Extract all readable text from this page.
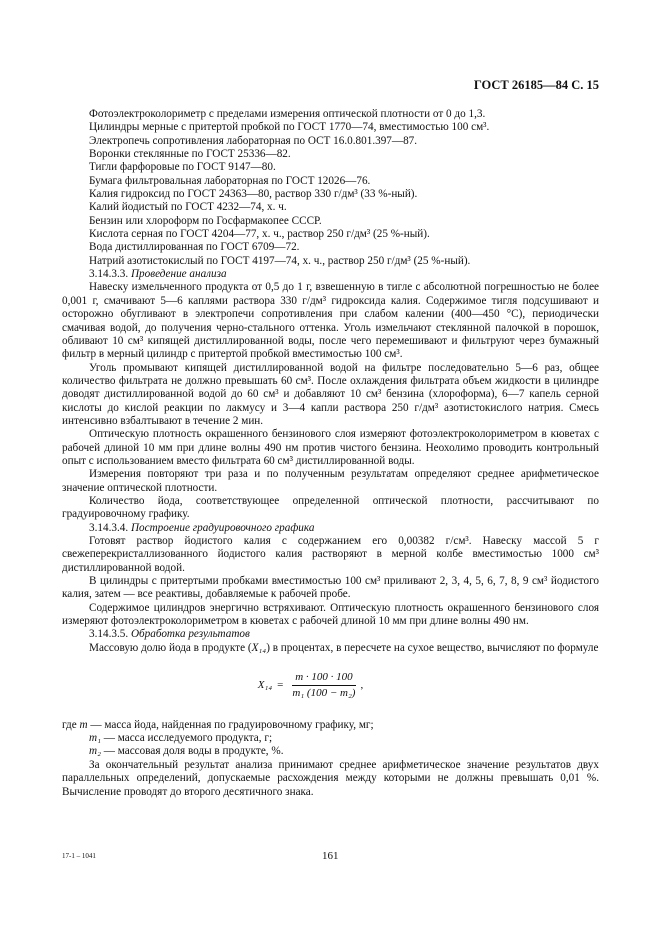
ГОСТ 26185—84 С. 15

Фотоэлектроколориметр с пределами измерения оптической плотности от 0 до 1,3.

Цилиндры мерные с притертой пробкой по ГОСТ 1770—74, вместимостью 100 см³.

Электропечь сопротивления лабораторная по ОСТ 16.0.801.397—87.

Воронки стеклянные по ГОСТ 25336—82.

Тигли фарфоровые по ГОСТ 9147—80.

Бумага фильтровальная лабораторная по ГОСТ 12026—76.

Калия гидроксид по ГОСТ 24363—80, раствор 330 г/дм³ (33 %-ный).

Калий йодистый по ГОСТ 4232—74, х. ч.

Бензин или хлороформ по Госфармакопее СССР.

Кислота серная по ГОСТ 4204—77, х. ч., раствор 250 г/дм³ (25 %-ный).

Вода дистиллированная по ГОСТ 6709—72.

Натрий азотистокислый по ГОСТ 4197—74, х. ч., раствор 250 г/дм³ (25 %-ный).

3.14.3.3. Проведение анализа

Навеску измельченного продукта от 0,5 до 1 г, взвешенную в тигле с абсолютной погрешностью не более 0,001 г, смачивают 5—6 каплями раствора 330 г/дм³ гидроксида калия. Содержимое тигля подсушивают и осторожно обугливают в электропечи сопротивления при слабом калении (400—450 °С), периодически смачивая водой, до получения черно-стального оттенка. Уголь измельчают стеклянной палочкой в порошок, обливают 10 см³ кипящей дистиллированной воды, после чего перемешивают и фильтруют через бумажный фильтр в мерный цилиндр с притертой пробкой вместимостью 100 см³.

Уголь промывают кипящей дистиллированной водой на фильтре последовательно 5—6 раз, общее количество фильтрата не должно превышать 60 см³. После охлаждения фильтрата объем жидкости в цилиндре доводят дистиллированной водой до 60 см³ и добавляют 10 см³ бензина (хлороформа), 6—7 капель серной кислоты до кислой реакции по лакмусу и 3—4 капли раствора 250 г/дм³ азотистокислого натрия. Смесь интенсивно взбалтывают в течение 2 мин.

Оптическую плотность окрашенного бензинового слоя измеряют фотоэлектроколориметром в кюветах с рабочей длиной 10 мм при длине волны 490 нм против чистого бензина. Неохолимо проводить контрольный опыт с использованием вместо фильтрата 60 см³ дистиллированной воды.

Измерения повторяют три раза и по полученным результатам определяют среднее арифметическое значение оптической плотности.

Количество йода, соответствующее определенной оптической плотности, рассчитывают по градуировочному графику.

3.14.3.4. Построение градуировочного графика

Готовят раствор йодистого калия с содержанием его 0,00382 г/см³. Навеску массой 5 г свежеперекристаллизованного йодистого калия растворяют в мерной колбе вместимостью 1000 см³ дистиллированной водой.

В цилиндры с притертыми пробками вместимостью 100 см³ приливают 2, 3, 4, 5, 6, 7, 8, 9 см³ йодистого калия, затем — все реактивы, добавляемые к рабочей пробе.

Содержимое цилиндров энергично встряхивают. Оптическую плотность окрашенного бензинового слоя измеряют фотоэлектроколориметром в кюветах с рабочей длиной 10 мм при длине волны 490 нм.

3.14.3.5. Обработка результатов

Массовую долю йода в продукте (X₁₄) в процентах, в пересчете на сухое вещество, вычисляют по формуле

$X_{14} = \frac{m \cdot 100 \cdot 100}{\text{m₁ (100 − m₂)}}$ ,

где m — масса йода, найденная по градуировочному графику, мг;

m₁ — масса исследуемого продукта, г;

m₂ — массовая доля воды в продукте, %.

За окончательный результат анализа принимают среднее арифметическое значение результатов двух параллельных определений, допускаемые расхождения между которыми не должны превышать 0,01 %. Вычисление проводят до второго десятичного знака.

17-1 – 1041	161
